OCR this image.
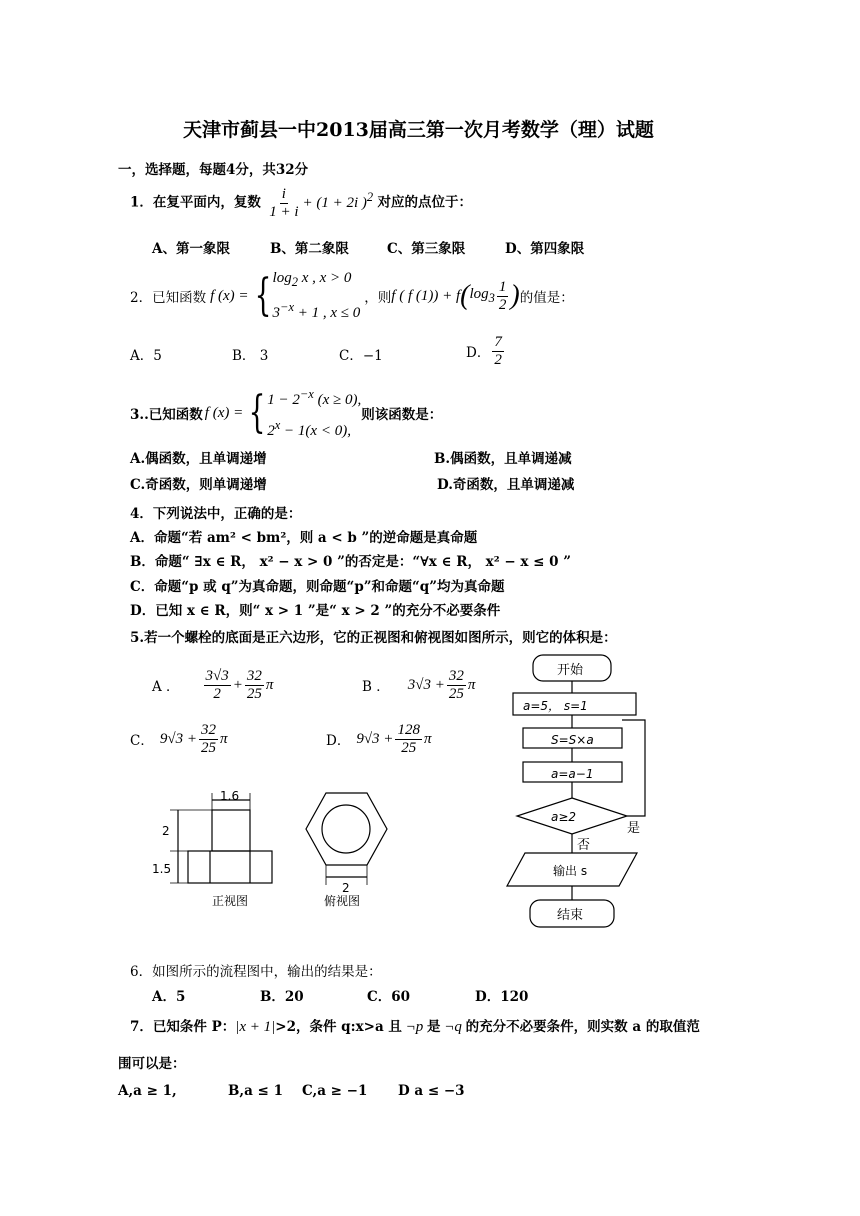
天津市蓟县一中2013届高三第一次月考数学（理）试题
一，选择题，每题4分，共32分
1．在复平面内，复数 $\frac{i}{1 + i} + (1 + 2i$ )$^2$ 对应的点位于：
A、第一象限	B、第二象限	C、第三象限	D、第四象限
2． 已知函数 f (x) = { $\log_2 x$ , x > 0
$3^{-x} + 1$ , x ≤ 0
，则 f ( f (1)) + f ( $\log_3 \frac{1}{2}$ ) 的值是：
A．5	B． 3	C．−1	D． $\frac{7}{2}$
3..已知函数 f (x) = { $1 - 2^{-x}$ (x ≥ 0),
$2^x - 1(x < 0)$,
则该函数是：
A.偶函数，且单调递增	B.偶函数，且单调递减
C.奇函数，则单调递增	D.奇函数，且单调递减
4．下列说法中，正确的是：
A．命题“若 am² < bm²，则 a < b ”的逆命题是真命题
B．命题“ ∃x ∈ R， x² − x > 0 ”的否定是：“∀x ∈ R， x² − x ≤ 0 ”
C．命题“p 或 q”为真命题，则命题“p”和命题“q”均为真命题
D．已知 x ∈ R，则“ x > 1 ”是“ x > 2 ”的充分不必要条件
5.若一个螺栓的底面是正六边形，它的正视图和俯视图如图所示，则它的体积是：
A ． $\frac{3√3}{2} + \frac{32}{25}$ π	B ． $3√3 + \frac{32}{25}$ π
C． $9√3 + \frac{32}{25}$ π	D． $9√3 + \frac{128}{25}$ π
1.6
2
1.5
正视图
2
俯视图
开始
a=5， s=1
S=S×a
a=a−1
a≥2
是
否
输出 s
结束
6．如图所示的流程图中，输出的结果是：
A．5	B．20	C．60	D．120
7．已知条件 P：|x + 1|>2，条件 q:x>a 且 ¬p 是 ¬q 的充分不必要条件，则实数 a 的取值范
围可以是：
A,a ≥ 1,	B,a ≤ 1 C,a ≥ −1 D a ≤ −3
